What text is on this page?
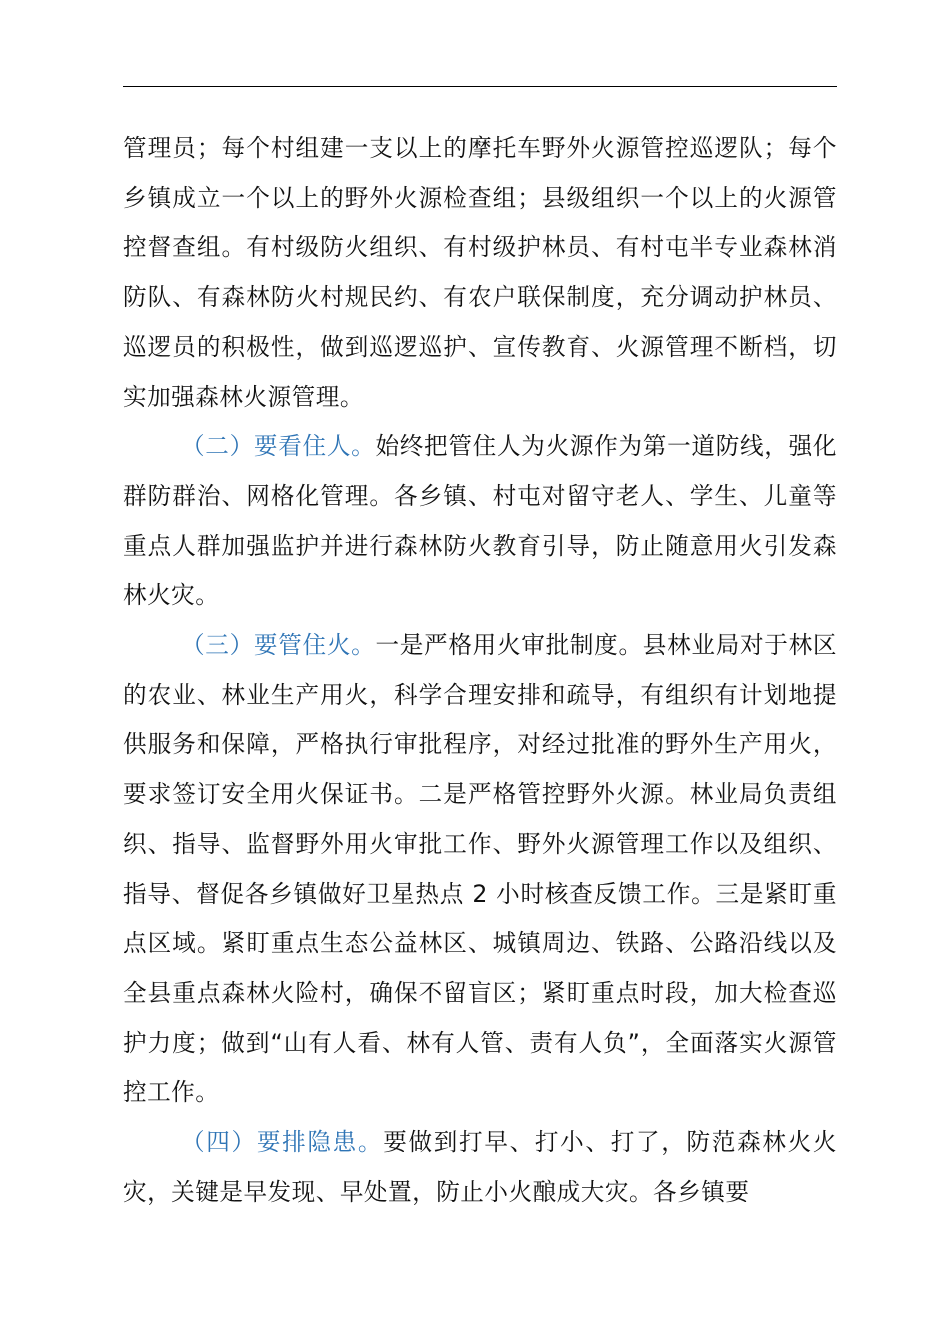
管理员；每个村组建一支以上的摩托车野外火源管控巡逻队；每个乡镇成立一个以上的野外火源检查组；县级组织一个以上的火源管控督查组。有村级防火组织、有村级护林员、有村屯半专业森林消防队、有森林防火村规民约、有农户联保制度，充分调动护林员、巡逻员的积极性，做到巡逻巡护、宣传教育、火源管理不断档，切实加强森林火源管理。

（二）要看住人。始终把管住人为火源作为第一道防线，强化群防群治、网格化管理。各乡镇、村屯对留守老人、学生、儿童等重点人群加强监护并进行森林防火教育引导，防止随意用火引发森林火灾。

（三）要管住火。一是严格用火审批制度。县林业局对于林区的农业、林业生产用火，科学合理安排和疏导，有组织有计划地提供服务和保障，严格执行审批程序，对经过批准的野外生产用火，要求签订安全用火保证书。二是严格管控野外火源。林业局负责组织、指导、监督野外用火审批工作、野外火源管理工作以及组织、指导、督促各乡镇做好卫星热点 2 小时核查反馈工作。三是紧盯重点区域。紧盯重点生态公益林区、城镇周边、铁路、公路沿线以及全县重点森林火险村，确保不留盲区；紧盯重点时段，加大检查巡护力度；做到“山有人看、林有人管、责有人负”，全面落实火源管控工作。

（四）要排隐患。要做到打早、打小、打了，防范森林火火灾，关键是早发现、早处置，防止小火酿成大灾。各乡镇要
